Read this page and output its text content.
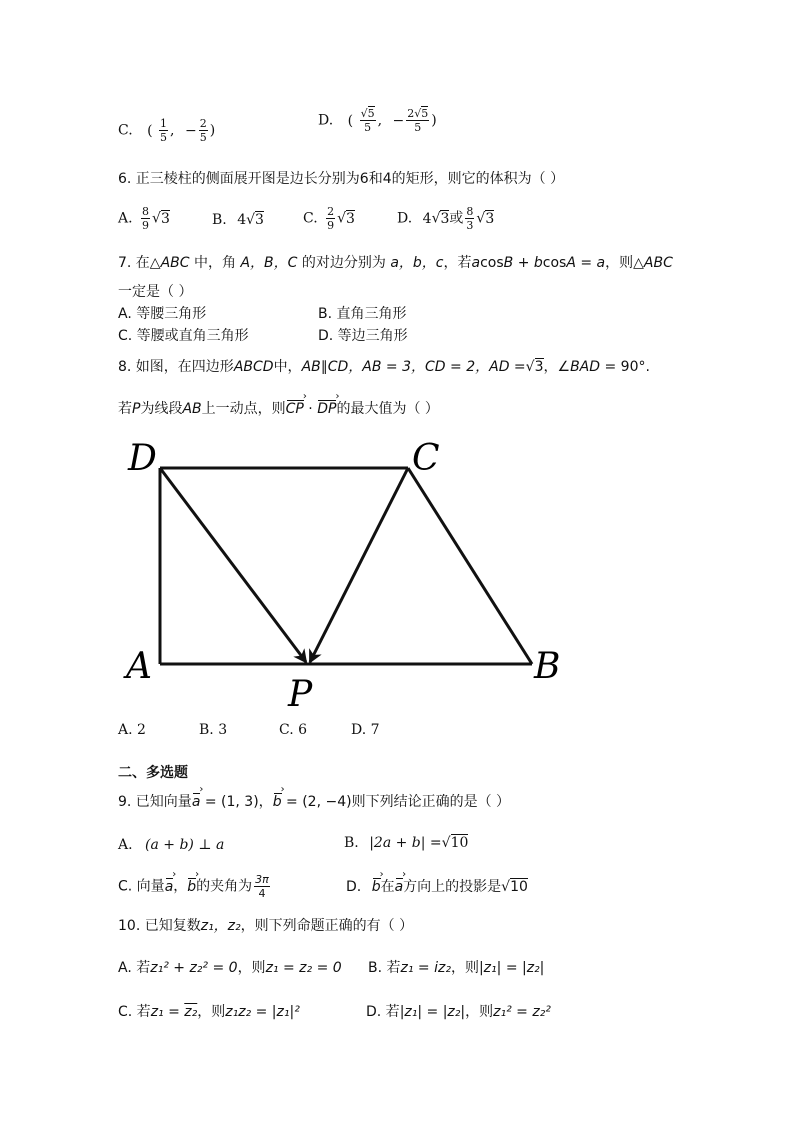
C. ( $\frac{1}{5}$ , − $\frac{2}{5}$ )
D. ( $\frac{√5}{5}$ , − $\frac{2√5}{5}$ )
6. 正三棱柱的侧面展开图是边长分别为6和4的矩形，则它的体积为（ ）
A. $\frac{8}{9} √3$	B. 4√3	C. $\frac{2}{9} √3$	D. 4√3或 $\frac{8}{3} √3$
7. 在△ABC 中，角 A，B，C 的对边分别为 a，b，c，若acosB + bcosA = a，则△ABC
一定是（ ）
A. 等腰三角形	B. 直角三角形
C. 等腰或直角三角形	D. 等边三角形
8. 如图，在四边形ABCD中，AB∥CD，AB = 3，CD = 2，AD =√3，∠BAD = 90°.
若P为线段AB上一动点，则› CP · › DP的最大值为（ ）
D	C
A	B
P
A. 2	B. 3	C. 6	D. 7
二、多选题
9. 已知向量› a = (1, 3)，› b = (2, −4)则下列结论正确的是（ ）
A. (a + b) ⊥ a	B. |2a + b| =√10
C. 向量› a，› b的夹角为 $\frac{3\pi}{4}$	D. › b在› a方向上的投影是√10
10. 已知复数z₁，z₂，则下列命题正确的有（ ）
A. 若z₁² + z₂² = 0，则z₁ = z₂ = 0 B. 若z₁ = iz₂，则|z₁| = |z₂|
C. 若z₁ = z₂，则z₁z₂ = |z₁|²	D. 若|z₁| = |z₂|，则z₁² = z₂²
